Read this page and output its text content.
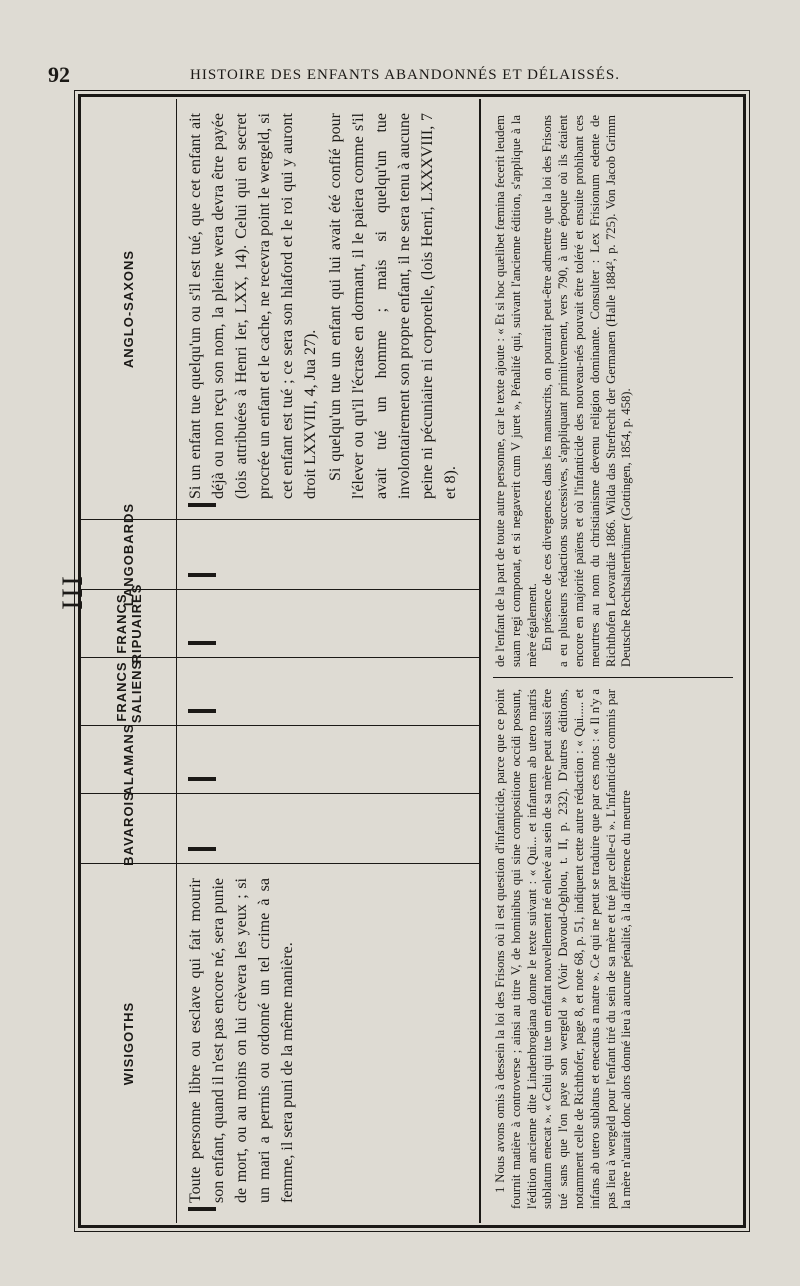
92	HISTOIRE DES ENFANTS ABANDONNÉS ET DÉLAISSÉS.
WISIGOTHS
BAVAROIS
ALAMANS
FRANCS SALIENS
FRANCS RIPUAIRES
LANGOBARDS
ANGLO-SAXONS

Toute personne libre ou esclave qui fait mourir son enfant, quand il n'est pas encore né, sera punie de mort, ou au moins on lui crèvera les yeux ; si un mari a permis ou ordonné un tel crime à sa femme, il sera puni de la même manière.

Si un enfant tue quelqu'un ou s'il est tué, que cet enfant ait déjà ou non reçu son nom, la pleine wera devra être payée (lois attribuées à Henri Ier, LXX, 14). Celui qui en secret procrée un enfant et le cache, ne recevra point le wergeld, si cet enfant est tué ; ce sera son hlaford et le roi qui y auront droit LXXVIII, 4, Jua 27). Si quelqu'un tue un enfant qui lui avait été confié pour l'élever ou qu'il l'écrase en dormant, il le paiera comme s'il avait tué un homme ; mais si quelqu'un tue involontairement son propre enfant, il ne sera tenu à aucune peine ni pécuniaire ni corporelle, (lois Henri, LXXXVIII, 7 et 8).

1 Nous avons omis à dessein la loi des Frisons où il est question d'infanticide, parce que ce point fournit matière à controverse ; ainsi au titre V, de hominibus qui sine compositione occidi possunt, l'édition ancienne dite Lindenbrogiana donne le texte suivant : « Qui... et infantem ab utero matris sublatum enecat ». « Celui qui tue un enfant nouvellement né enlevé au sein de sa mère peut aussi être tué sans que l'on paye son wergeld » (Voir Davoud-Oghlou, t. II, p. 232). D'autres éditions, notamment celle de Richthofer, page 8, et note 68, p. 51, indiquent cette autre rédaction : « Qui..... et infans ab utero sublatus et enecatus a matre ». Ce qui ne peut se traduire que par ces mots : « Il n'y a pas lieu à wergeld pour l'enfant tiré du sein de sa mère et tué par celle-ci ». L'infanticide commis par la mère n'aurait donc alors donné lieu à aucune pénalité, à la différence du meurtre

de l'enfant de la part de toute autre personne, car le texte ajoute : « Et si hoc quælibet fœmina fecerit leudem suam regi componat, et si negaverit cum V juret », Pénalité qui, suivant l'ancienne édition, s'applique à la mère également. En présence de ces divergences dans les manuscrits, on pourrait peut-être admettre que la loi des Frisons a eu plusieurs rédactions successives, s'appliquant primitivement, vers 790, à une époque où ils étaient encore en majorité païens et où l'infanticide des nouveau-nés pouvait être toléré et ensuite prohibant ces meurtres au nom du christianisme devenu religion dominante. Consulter : Lex Frisionum edente de Richthofen Leovardiæ 1866. Wilda das Strefrecht der Germanen (Halle 1884², p. 725). Von Jacob Grimm Deutsche Rechtsalterthümer (Gottingen, 1854, p. 458).

III
